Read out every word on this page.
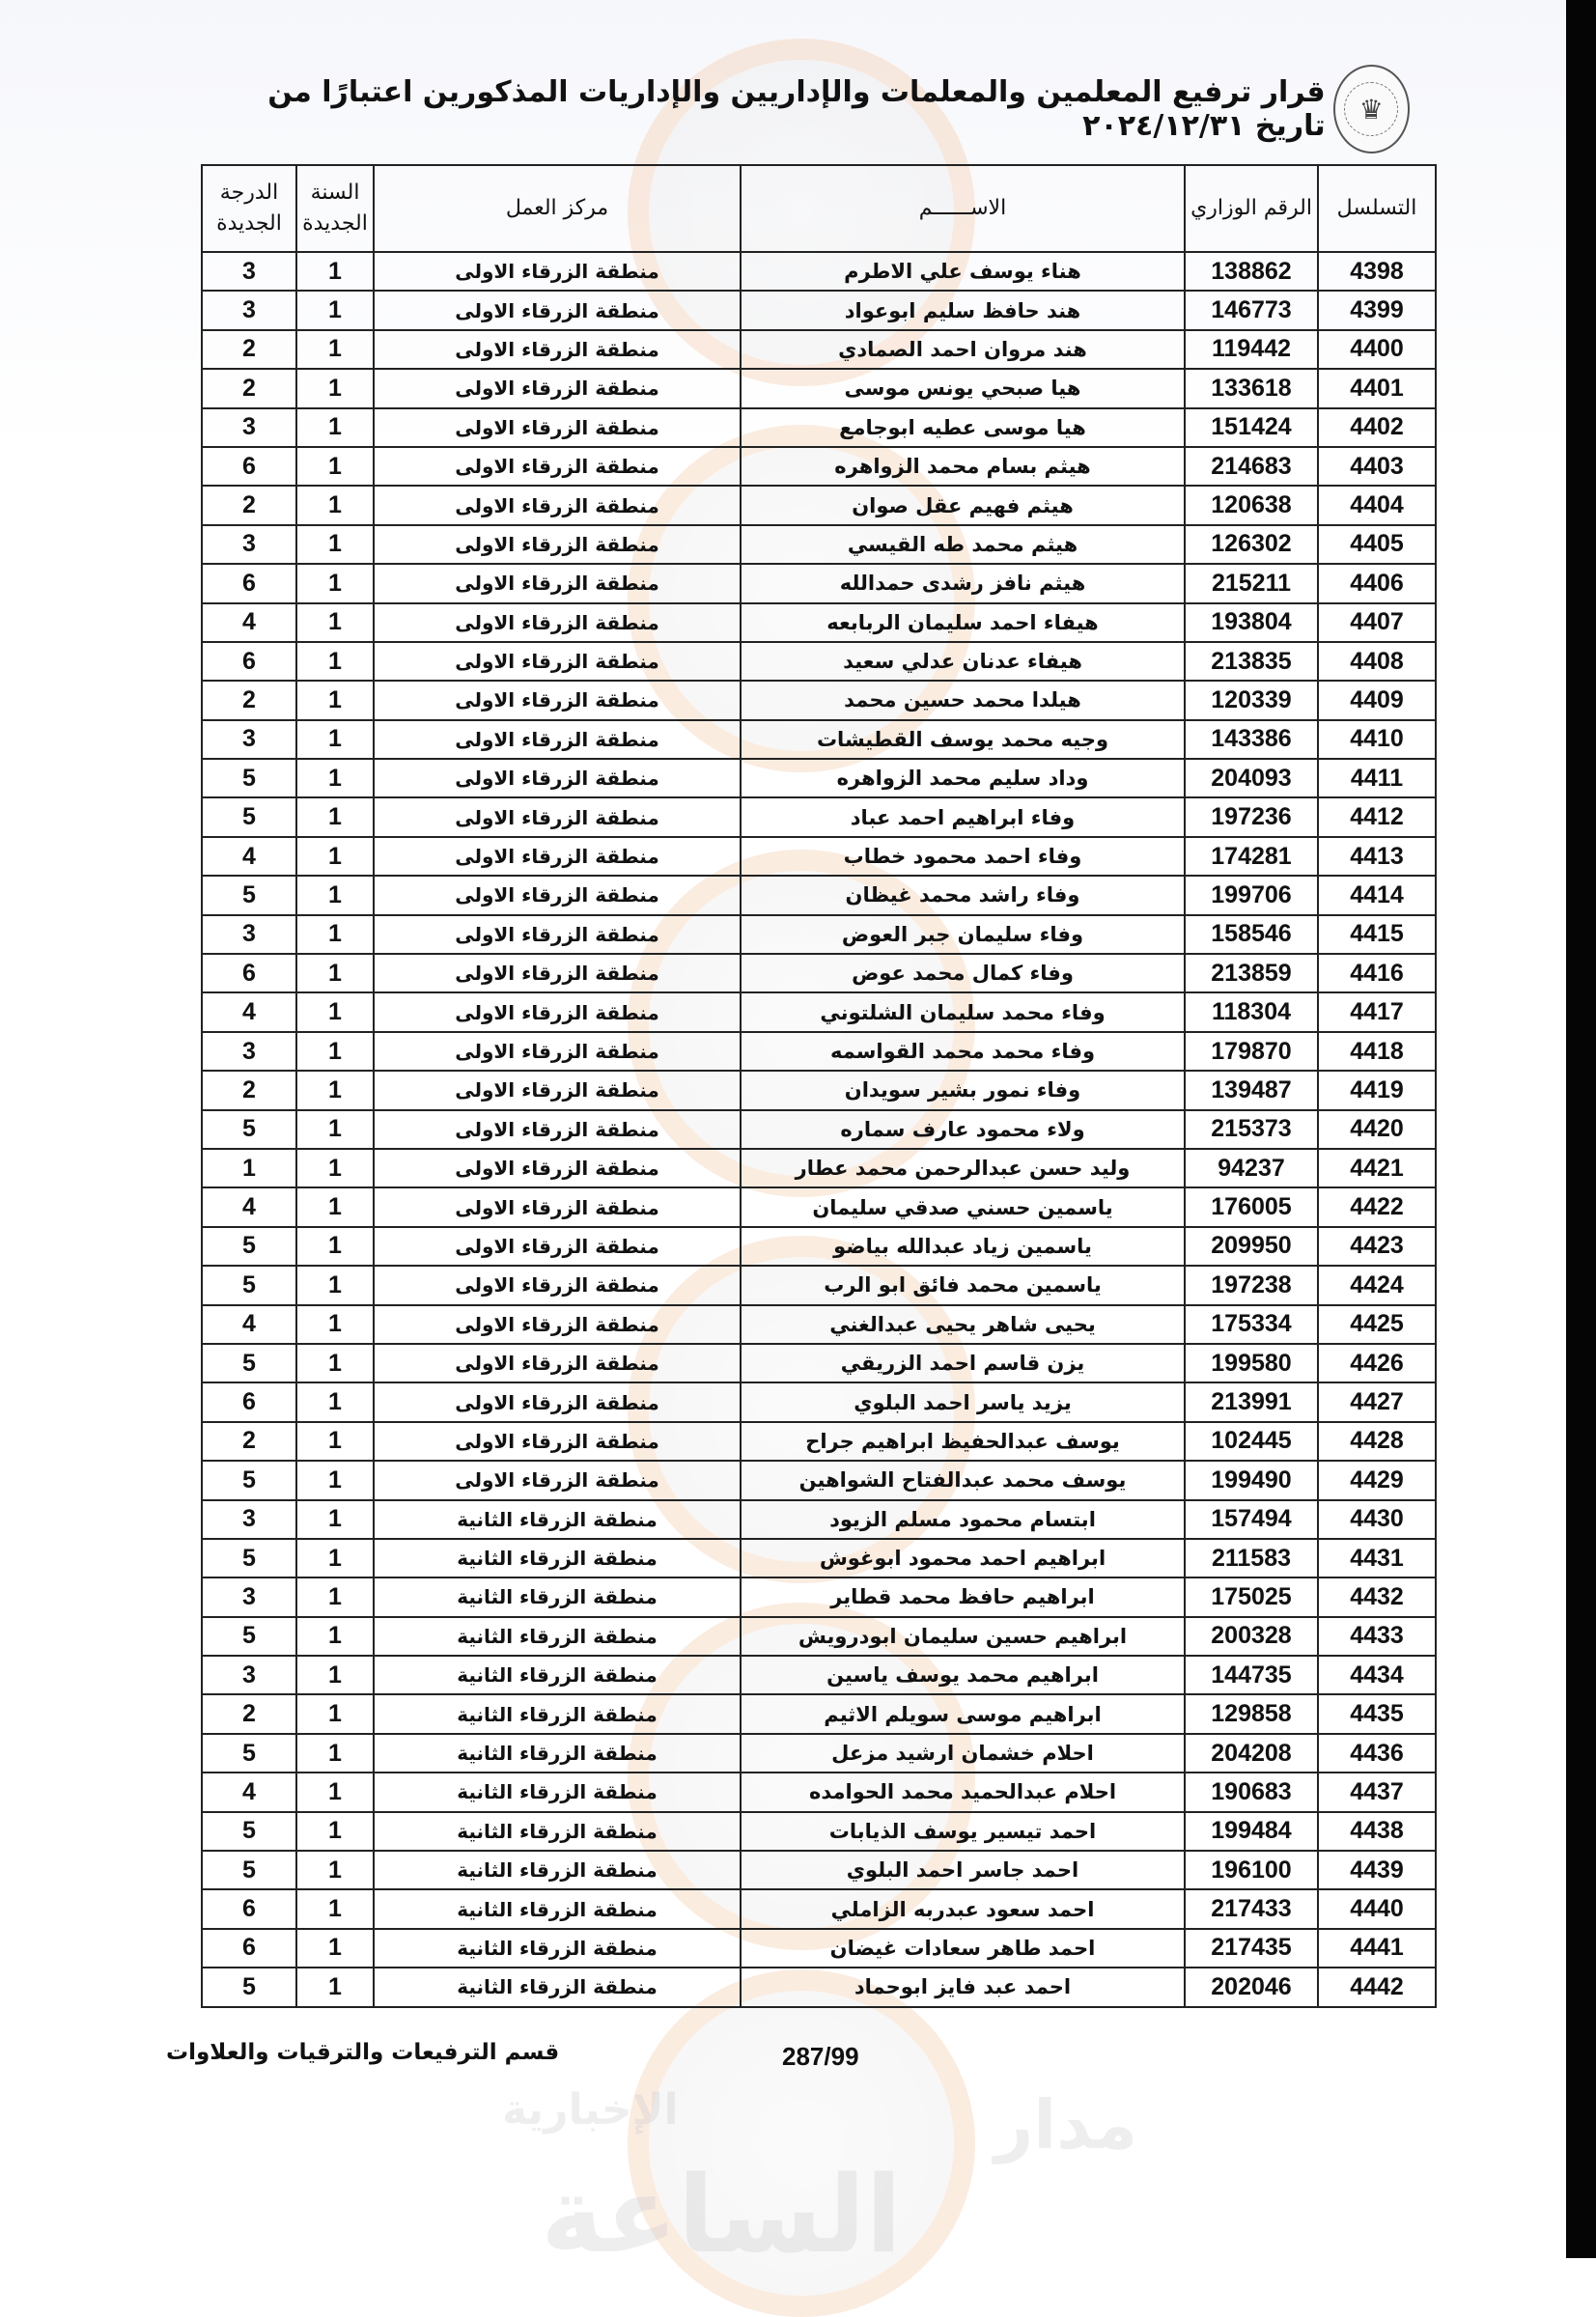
مدار
الإخبارية
الساعة
قرار ترفيع المعلمين والمعلمات والإداريين والإداريات المذكورين اعتبارًا من تاريخ ٢٠٢٤/١٢/٣١	♛
التسلسل	الرقم الوزاري	الاســــــم	مركز العمل	السنة الجديدة	الدرجة الجديدة
4398	138862	هناء يوسف علي الاطرم	منطقة الزرقاء الاولى	1	3
4399	146773	هند حافظ سليم ابوعواد	منطقة الزرقاء الاولى	1	3
4400	119442	هند مروان احمد الصمادي	منطقة الزرقاء الاولى	1	2
4401	133618	هيا صبحي يونس موسى	منطقة الزرقاء الاولى	1	2
4402	151424	هيا موسى عطيه ابوجامع	منطقة الزرقاء الاولى	1	3
4403	214683	هيثم بسام محمد الزواهره	منطقة الزرقاء الاولى	1	6
4404	120638	هيثم فهيم عقل صوان	منطقة الزرقاء الاولى	1	2
4405	126302	هيثم محمد طه القيسي	منطقة الزرقاء الاولى	1	3
4406	215211	هيثم نافز رشدى حمدالله	منطقة الزرقاء الاولى	1	6
4407	193804	هيفاء احمد سليمان الربابعه	منطقة الزرقاء الاولى	1	4
4408	213835	هيفاء عدنان عدلي سعيد	منطقة الزرقاء الاولى	1	6
4409	120339	هيلدا محمد حسين محمد	منطقة الزرقاء الاولى	1	2
4410	143386	وجيه محمد يوسف القطيشات	منطقة الزرقاء الاولى	1	3
4411	204093	وداد سليم محمد الزواهره	منطقة الزرقاء الاولى	1	5
4412	197236	وفاء ابراهيم احمد عباد	منطقة الزرقاء الاولى	1	5
4413	174281	وفاء احمد محمود خطاب	منطقة الزرقاء الاولى	1	4
4414	199706	وفاء راشد محمد غيظان	منطقة الزرقاء الاولى	1	5
4415	158546	وفاء سليمان جبر العوض	منطقة الزرقاء الاولى	1	3
4416	213859	وفاء كمال محمد عوض	منطقة الزرقاء الاولى	1	6
4417	118304	وفاء محمد سليمان الشلتوني	منطقة الزرقاء الاولى	1	4
4418	179870	وفاء محمد محمد القواسمه	منطقة الزرقاء الاولى	1	3
4419	139487	وفاء نمور بشير سويدان	منطقة الزرقاء الاولى	1	2
4420	215373	ولاء محمود عارف سماره	منطقة الزرقاء الاولى	1	5
4421	94237	وليد حسن عبدالرحمن محمد عطار	منطقة الزرقاء الاولى	1	1
4422	176005	ياسمين حسني صدقي سليمان	منطقة الزرقاء الاولى	1	4
4423	209950	ياسمين زياد عبدالله بياضو	منطقة الزرقاء الاولى	1	5
4424	197238	ياسمين محمد فائق ابو الرب	منطقة الزرقاء الاولى	1	5
4425	175334	يحيى شاهر يحيى عبدالغني	منطقة الزرقاء الاولى	1	4
4426	199580	يزن قاسم احمد الزريقي	منطقة الزرقاء الاولى	1	5
4427	213991	يزيد ياسر احمد البلوي	منطقة الزرقاء الاولى	1	6
4428	102445	يوسف عبدالحفيظ ابراهيم جراح	منطقة الزرقاء الاولى	1	2
4429	199490	يوسف محمد عبدالفتاح الشواهين	منطقة الزرقاء الاولى	1	5
4430	157494	ابتسام محمود مسلم الزيود	منطقة الزرقاء الثانية	1	3
4431	211583	ابراهيم احمد محمود ابوغوش	منطقة الزرقاء الثانية	1	5
4432	175025	ابراهيم حافظ محمد قطاير	منطقة الزرقاء الثانية	1	3
4433	200328	ابراهيم حسين سليمان ابودرويش	منطقة الزرقاء الثانية	1	5
4434	144735	ابراهيم محمد يوسف ياسين	منطقة الزرقاء الثانية	1	3
4435	129858	ابراهيم موسى سويلم الاثيم	منطقة الزرقاء الثانية	1	2
4436	204208	احلام خشمان ارشيد مزعل	منطقة الزرقاء الثانية	1	5
4437	190683	احلام عبدالحميد محمد الحوامده	منطقة الزرقاء الثانية	1	4
4438	199484	احمد تيسير يوسف الذيابات	منطقة الزرقاء الثانية	1	5
4439	196100	احمد جاسر احمد البلوي	منطقة الزرقاء الثانية	1	5
4440	217433	احمد سعود عبدربه الزاملي	منطقة الزرقاء الثانية	1	6
4441	217435	احمد طاهر سعادات غيضان	منطقة الزرقاء الثانية	1	6
4442	202046	احمد عبد فايز ابوحماد	منطقة الزرقاء الثانية	1	5
287/99
قسم الترفيعات والترقيات والعلاوات
